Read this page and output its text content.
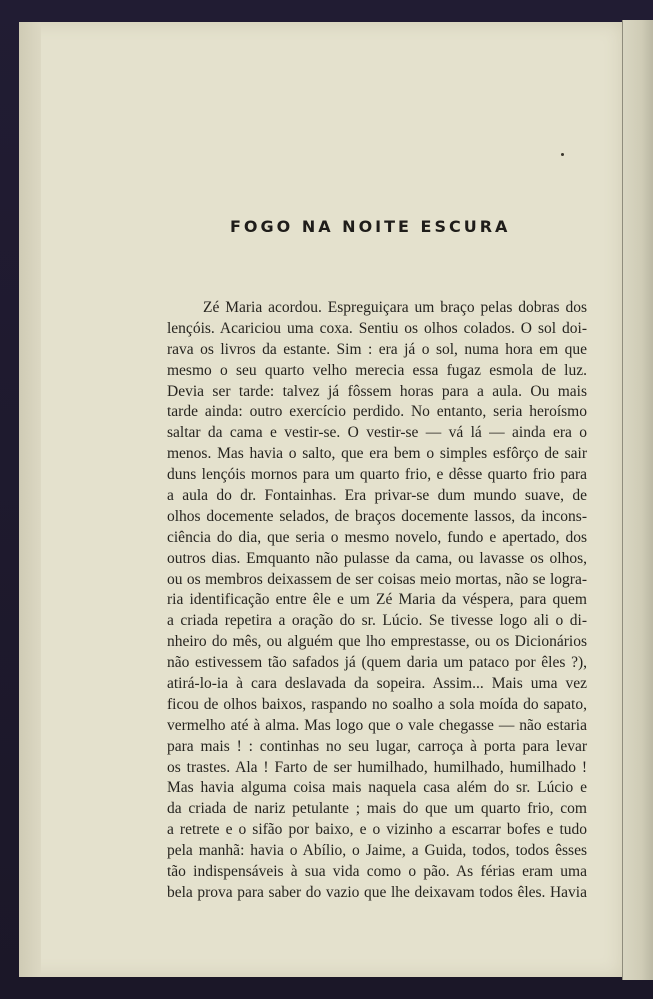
FOGO NA NOITE ESCURA
Zé Maria acordou. Espreguiçara um braço pelas dobras dos
lençóis. Acariciou uma coxa. Sentiu os olhos colados. O sol doi-
rava os livros da estante. Sim : era já o sol, numa hora em que
mesmo o seu quarto velho merecia essa fugaz esmola de luz.
Devia ser tarde: talvez já fôssem horas para a aula. Ou mais
tarde ainda: outro exercício perdido. No entanto, seria heroísmo
saltar da cama e vestir-se. O vestir-se — vá lá — ainda era o
menos. Mas havia o salto, que era bem o simples esfôrço de sair
duns lençóis mornos para um quarto frio, e dêsse quarto frio para
a aula do dr. Fontainhas. Era privar-se dum mundo suave, de
olhos docemente selados, de braços docemente lassos, da incons-
ciência do dia, que seria o mesmo novelo, fundo e apertado, dos
outros dias. Emquanto não pulasse da cama, ou lavasse os olhos,
ou os membros deixassem de ser coisas meio mortas, não se logra-
ria identificação entre êle e um Zé Maria da véspera, para quem
a criada repetira a oração do sr. Lúcio. Se tivesse logo ali o di-
nheiro do mês, ou alguém que lho emprestasse, ou os Dicionários
não estivessem tão safados já (quem daria um pataco por êles ?),
atirá-lo-ia à cara deslavada da sopeira. Assim... Mais uma vez
ficou de olhos baixos, raspando no soalho a sola moída do sapato,
vermelho até à alma. Mas logo que o vale chegasse — não estaria
para mais ! : continhas no seu lugar, carroça à porta para levar
os trastes. Ala ! Farto de ser humilhado, humilhado, humilhado !
Mas havia alguma coisa mais naquela casa além do sr. Lúcio e
da criada de nariz petulante ; mais do que um quarto frio, com
a retrete e o sifão por baixo, e o vizinho a escarrar bofes e tudo
pela manhã: havia o Abílio, o Jaime, a Guida, todos, todos êsses
tão indispensáveis à sua vida como o pão. As férias eram uma
bela prova para saber do vazio que lhe deixavam todos êles. Havia
